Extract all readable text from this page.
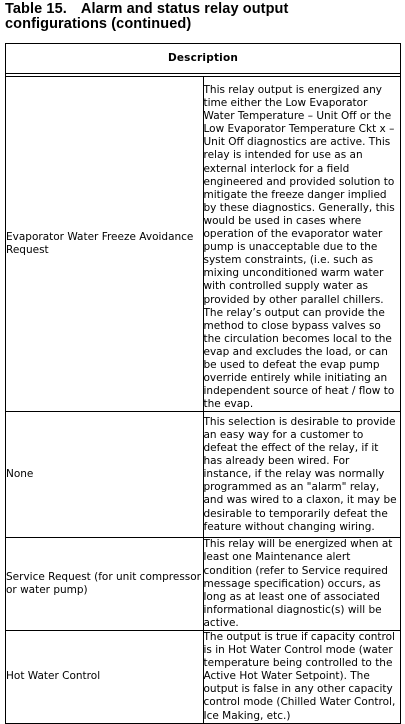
Table 15. Alarm and status relay output
configurations (continued)
Description	

Evaporator Water Freeze Avoidance Request	This relay output is energized any time either the Low Evaporator Water Temperature – Unit Off or the Low Evaporator Temperature Ckt x – Unit Off diagnostics are active. This relay is intended for use as an external interlock for a field engineered and provided solution to mitigate the freeze danger implied by these diagnostics. Generally, this would be used in cases where operation of the evaporator water pump is unacceptable due to the system constraints, (i.e. such as mixing unconditioned warm water with controlled supply water as provided by other parallel chillers. The relay’s output can provide the method to close bypass valves so the circulation becomes local to the evap and excludes the load, or can be used to defeat the evap pump override entirely while initiating an independent source of heat / flow to the evap.
None	This selection is desirable to provide an easy way for a customer to defeat the effect of the relay, if it has already been wired. For instance, if the relay was normally programmed as an "alarm" relay, and was wired to a claxon, it may be desirable to temporarily defeat the feature without changing wiring.
Service Request (for unit compressor or water pump)	This relay will be energized when at least one Maintenance alert condition (refer to Service required message specification) occurs, as long as at least one of associated informational diagnostic(s) will be active.
Hot Water Control	The output is true if capacity control is in Hot Water Control mode (water temperature being controlled to the Active Hot Water Setpoint). The output is false in any other capacity control mode (Chilled Water Control, Ice Making, etc.)
